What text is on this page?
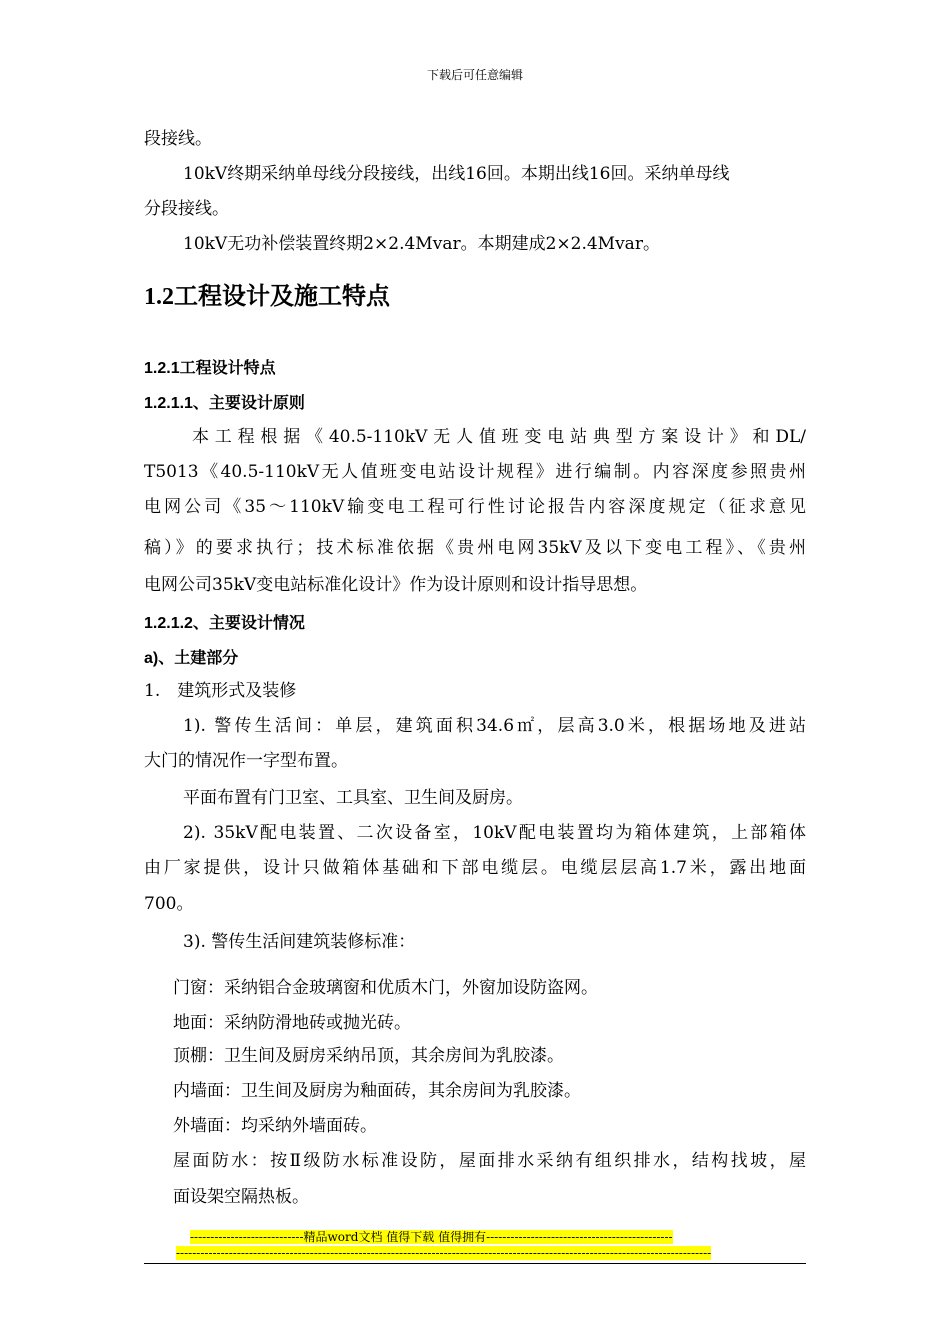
下载后可任意编辑
段接线。
10kV终期采纳单母线分段接线，出线16回。本期出线16回。采纳单母线
分段接线。
10kV无功补偿装置终期2×2.4Mvar。本期建成2×2.4Mvar。
1.2工程设计及施工特点
1.2.1工程设计特点
1.2.1.1、主要设计原则
本工程根据《40.5-110kV无人值班变电站典型方案设计》和DL/
T5013《40.5-110kV无人值班变电站设计规程》进行编制。内容深度参照贵州
电网公司《35～110kV输变电工程可行性讨论报告内容深度规定（征求意见
稿）》的要求执行；技术标准依据《贵州电网35kV及以下变电工程》、《贵州
电网公司35kV变电站标准化设计》作为设计原则和设计指导思想。
1.2.1.2、主要设计情况
a)、土建部分
1.　建筑形式及装修
1). 警传生活间：单层，建筑面积34.6㎡，层高3.0米，根据场地及进站
大门的情况作一字型布置。
平面布置有门卫室、工具室、卫生间及厨房。
2). 35kV配电装置、二次设备室，10kV配电装置均为箱体建筑，上部箱体
由厂家提供，设计只做箱体基础和下部电缆层。电缆层层高1.7米，露出地面
700。
3). 警传生活间建筑装修标准：
门窗：采纳铝合金玻璃窗和优质木门，外窗加设防盗网。
地面：采纳防滑地砖或抛光砖。
顶棚：卫生间及厨房采纳吊顶，其余房间为乳胶漆。
内墙面：卫生间及厨房为釉面砖，其余房间为乳胶漆。
外墙面：均采纳外墙面砖。
屋面防水：按Ⅱ级防水标准设防，屋面排水采纳有组织排水，结构找坡，屋
面设架空隔热板。
----------------------------精品word文档 值得下载 值得拥有----------------------------------------------
------------------------------------------------------------------------------------------------------------------------------------
